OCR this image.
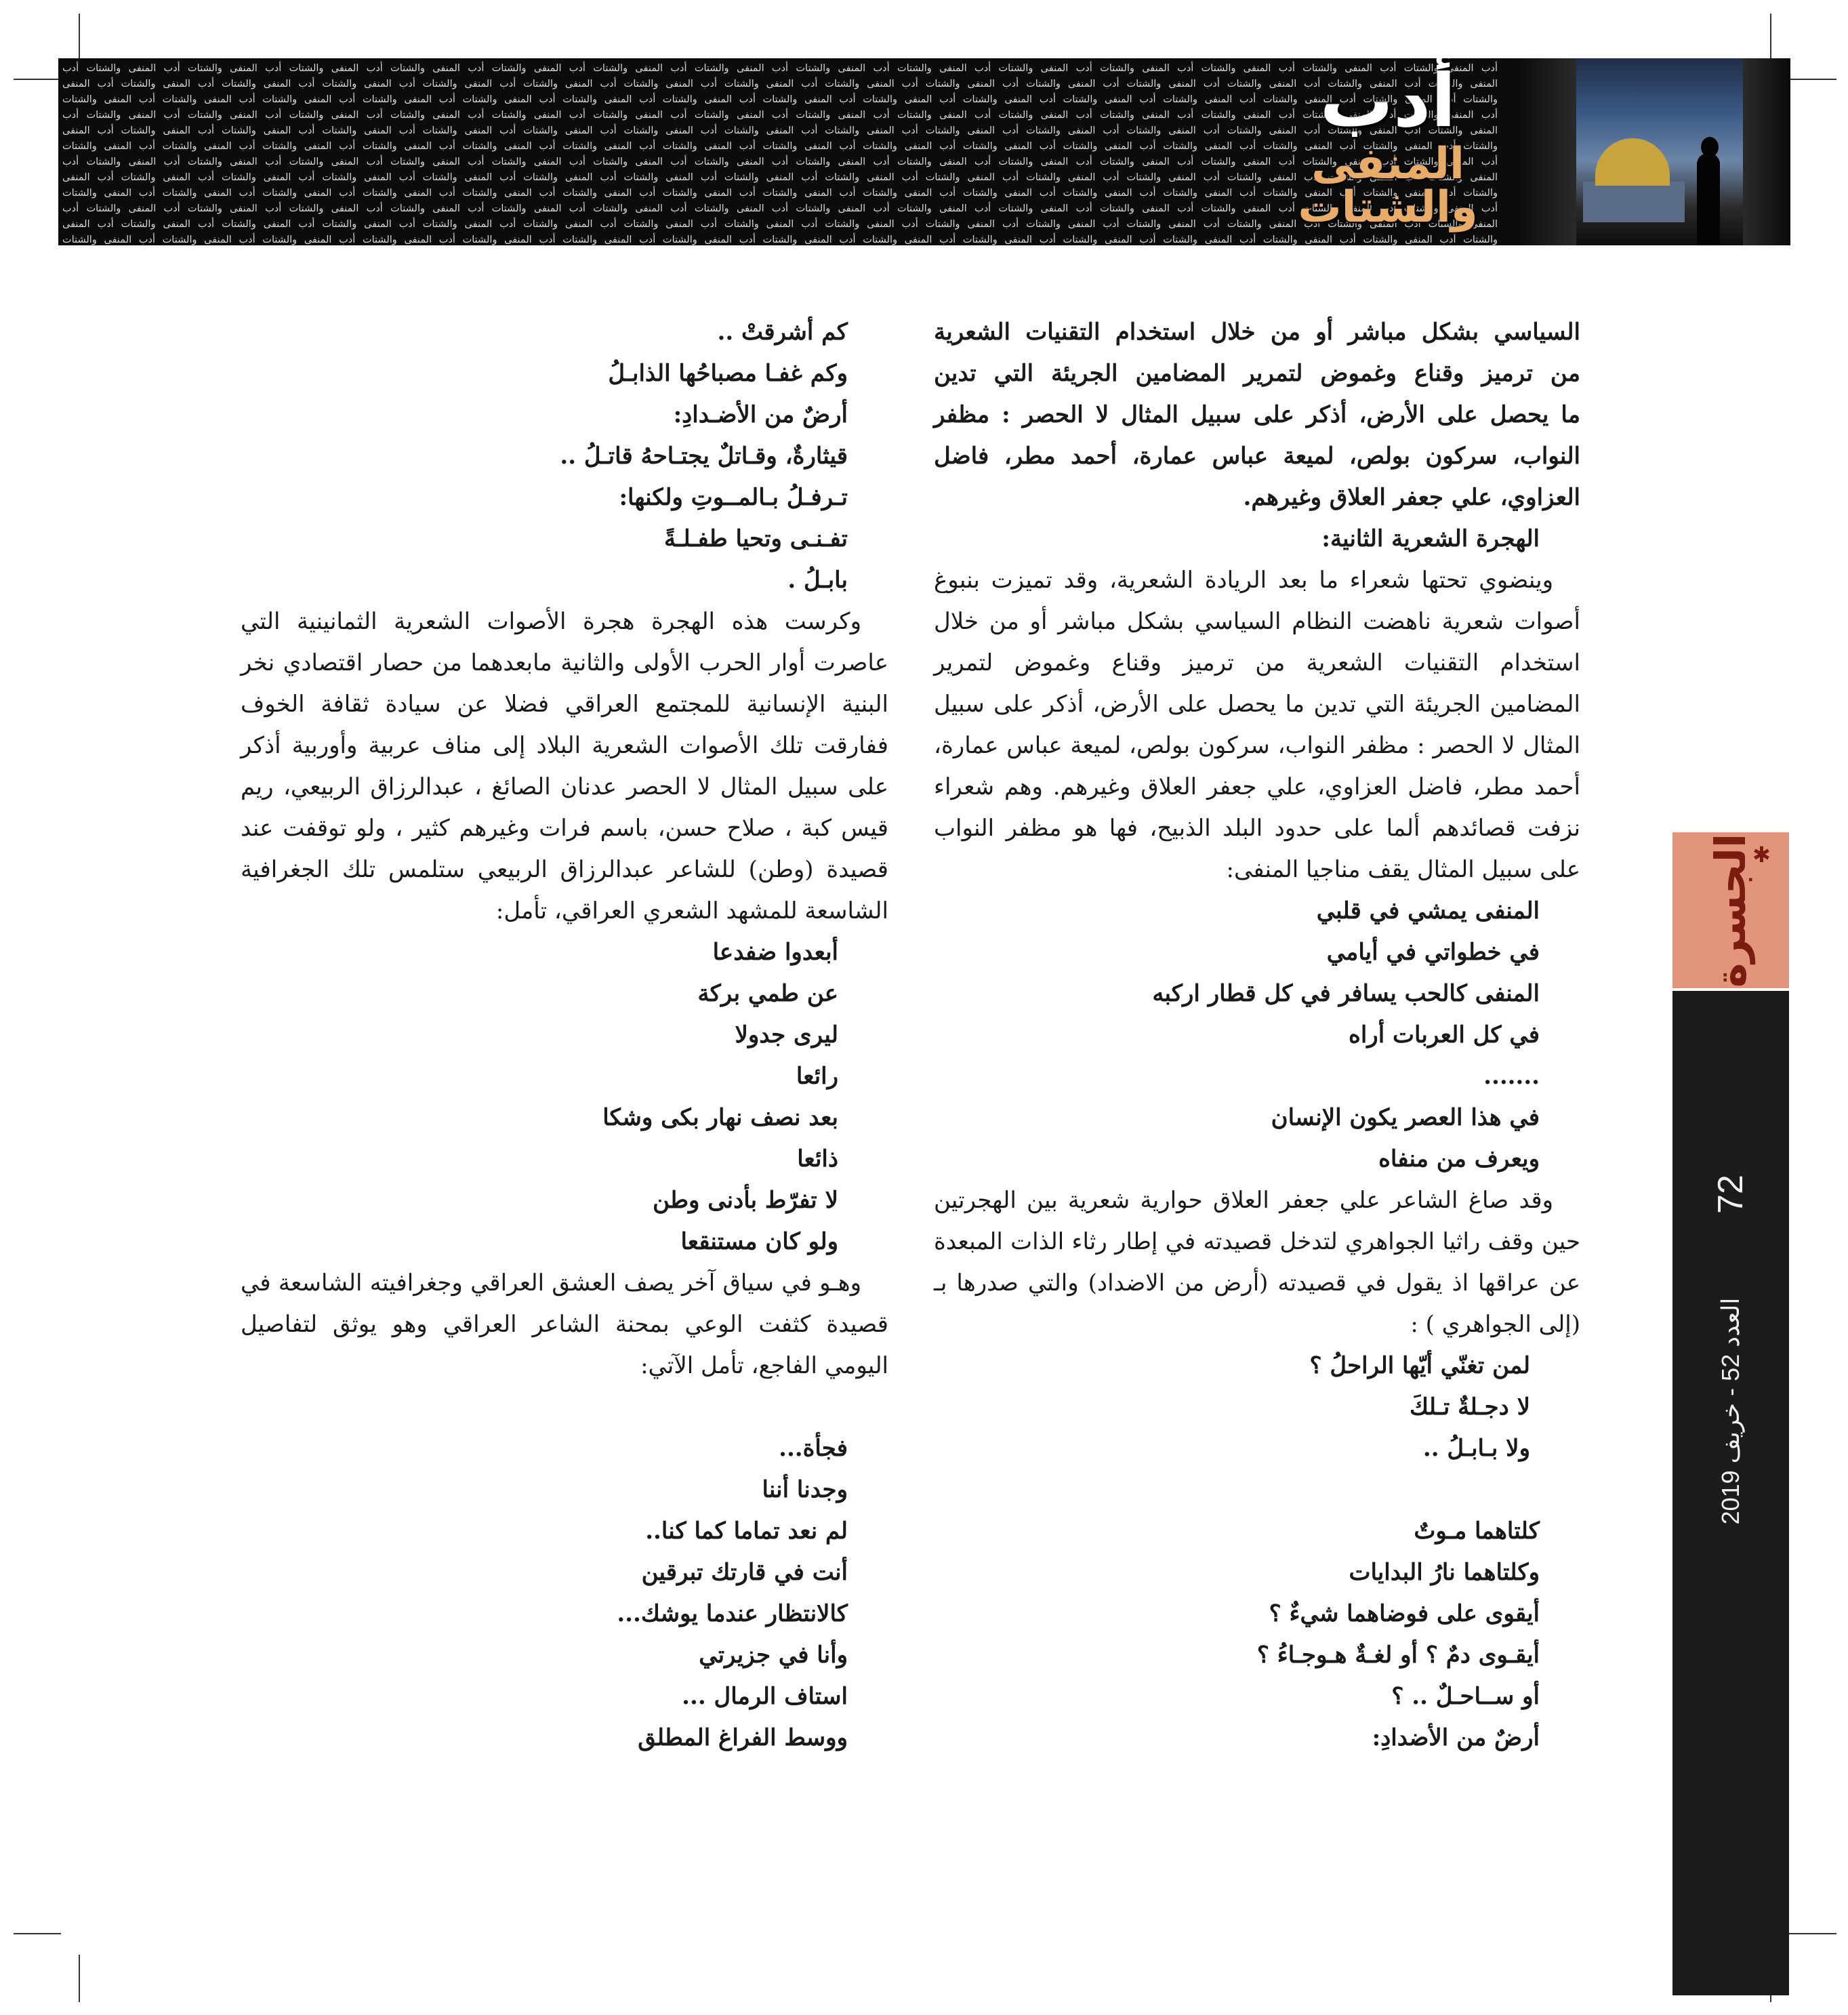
أدب المنفى والشتات أدب المنفى والشتات أدب المنفى والشتات أدب المنفى والشتات أدب المنفى والشتات أدب المنفى والشتات أدب المنفى والشتات أدب المنفى والشتات أدب المنفى والشتات أدب المنفى والشتات أدب المنفى والشتات أدب المنفى والشتات أدب المنفى والشتات أدب المنفى والشتات أدب المنفى والشتات أدب المنفى والشتات أدب المنفى والشتات أدب المنفى والشتات أدب المنفى والشتات أدب المنفى والشتات أدب المنفى والشتات أدب المنفى والشتات أدب المنفى والشتات أدب المنفى والشتات أدب المنفى والشتات أدب المنفى والشتات أدب المنفى والشتات أدب المنفى والشتات أدب المنفى والشتات أدب المنفى والشتات أدب المنفى والشتات أدب المنفى والشتات أدب المنفى والشتات أدب المنفى والشتات أدب المنفى والشتات أدب المنفى والشتات أدب المنفى والشتات أدب المنفى والشتات أدب المنفى والشتات أدب المنفى والشتات أدب المنفى والشتات أدب المنفى والشتات أدب المنفى والشتات أدب المنفى والشتات أدب المنفى والشتات أدب المنفى والشتات أدب المنفى والشتات أدب المنفى والشتات أدب المنفى والشتات أدب المنفى والشتات أدب المنفى والشتات أدب المنفى والشتات أدب المنفى والشتات أدب المنفى والشتات أدب المنفى والشتات أدب المنفى والشتات أدب المنفى والشتات أدب المنفى والشتات أدب المنفى والشتات أدب المنفى والشتات أدب المنفى والشتات أدب المنفى والشتات أدب المنفى والشتات أدب المنفى والشتات أدب المنفى والشتات أدب المنفى والشتات أدب المنفى والشتات أدب المنفى والشتات أدب المنفى والشتات أدب المنفى والشتات أدب المنفى والشتات أدب المنفى والشتات أدب المنفى والشتات أدب المنفى والشتات أدب المنفى والشتات أدب المنفى والشتات أدب المنفى والشتات أدب المنفى والشتات أدب المنفى والشتات أدب المنفى والشتات أدب المنفى والشتات أدب المنفى والشتات أدب المنفى والشتات أدب المنفى والشتات أدب المنفى والشتات أدب المنفى والشتات أدب المنفى والشتات أدب المنفى والشتات أدب المنفى والشتات أدب المنفى والشتات أدب المنفى والشتات أدب المنفى والشتات أدب المنفى والشتات أدب المنفى والشتات أدب المنفى والشتات أدب المنفى والشتات أدب المنفى والشتات أدب المنفى والشتات أدب المنفى والشتات أدب المنفى والشتات أدب المنفى والشتات أدب المنفى والشتات أدب المنفى والشتات أدب المنفى والشتات أدب المنفى والشتات أدب المنفى والشتات أدب المنفى والشتات أدب المنفى والشتات أدب المنفى والشتات أدب المنفى والشتات أدب المنفى والشتات أدب المنفى والشتات أدب المنفى والشتات أدب المنفى والشتات أدب المنفى والشتات أدب المنفى والشتات أدب المنفى والشتات أدب المنفى والشتات أدب المنفى والشتات أدب المنفى والشتات أدب المنفى والشتات أدب المنفى والشتات أدب المنفى والشتات أدب المنفى والشتات أدب المنفى والشتات أدب المنفى والشتات أدب المنفى والشتات أدب المنفى والشتات أدب المنفى والشتات أدب المنفى والشتات أدب المنفى والشتات أدب المنفى والشتات أدب المنفى والشتات أدب المنفى والشتات أدب المنفى والشتات أدب المنفى والشتات أدب المنفى والشتات أدب المنفى والشتات أدب المنفى والشتات أدب المنفى والشتات أدب المنفى والشتات أدب المنفى والشتات أدب المنفى والشتات أدب المنفى والشتات أدب المنفى والشتات أدب المنفى والشتات أدب المنفى والشتات أدب المنفى والشتات أدب المنفى والشتات أدب المنفى والشتات أدب المنفى والشتات أدب المنفى والشتات أدب المنفى والشتات أدب المنفى والشتات أدب المنفى والشتات أدب المنفى والشتات أدب المنفى والشتات أدب المنفى والشتات أدب المنفى والشتات أدب المنفى والشتات أدب المنفى والشتات أدب المنفى والشتات أدب المنفى والشتات أدب المنفى والشتات أدب المنفى والشتات أدب المنفى والشتات أدب المنفى والشتات أدب المنفى والشتات أدب المنفى والشتات أدب المنفى والشتات أدب المنفى والشتات أدب المنفى والشتات
أدب
المنفى والشتات

السياسي بشكل مباشر أو من خلال استخدام التقنيات الشعرية

من ترميز وقناع وغموض لتمرير المضامين الجريئة التي تدين

ما يحصل على الأرض، أذكر على سبيل المثال لا الحصر : مظفر

النواب، سركون بولص، لميعة عباس عمارة، أحمد مطر، فاضل

العزاوي، علي جعفر العلاق وغيرهم.

الهجرة الشعرية الثانية:

وينضوي تحتها شعراء ما بعد الريادة الشعرية، وقد تميزت بنبوغ أصوات شعرية ناهضت النظام السياسي بشكل مباشر أو من خلال استخدام التقنيات الشعرية من ترميز وقناع وغموض لتمرير المضامين الجريئة التي تدين ما يحصل على الأرض، أذكر على سبيل المثال لا الحصر : مظفر النواب، سركون بولص، لميعة عباس عمارة، أحمد مطر، فاضل العزاوي، علي جعفر العلاق وغيرهم. وهم شعراء نزفت قصائدهم ألما على حدود البلد الذبيح، فها هو مظفر النواب على سبيل المثال يقف مناجيا المنفى:

المنفى يمشي في قلبي

في خطواتي في أيامي

المنفى كالحب يسافر في كل قطار اركبه

في كل العربات أراه

.......

في هذا العصر يكون الإنسان

ويعرف من منفاه

وقد صاغ الشاعر علي جعفر العلاق حوارية شعرية بين الهجرتين حين وقف راثيا الجواهري لتدخل قصيدته في إطار رثاء الذات المبعدة عن عراقها اذ يقول في قصيدته (أرض من الاضداد) والتي صدرها بـ (إلى الجواهري ) :

لمن تغنّي أيّها الراحلُ ؟

لا دجـلةٌ تـلكَ

ولا بـابـلُ ..

كلتاهما مـوتٌ

وكلتاهما نارُ البدايات

أيقوى على فوضاهما شيءٌ ؟

أيقـوى دمٌ ؟ أو لغـةٌ هـوجـاءُ ؟

أو ســاحـلٌ .. ؟

أرضٌ من الأضدادِ:

كم أشرقتْ ..

وكم غفـا مصباحُها الذابـلُ

أرضٌ من الأضـدادِ:

قيثارةٌ، وقـاتلٌ يجتـاحهُ قاتـلُ ..

تـرفـلُ بـالمــوتِ ولكنها:

تفـنـى وتحيا طفـلـةً

بابـلُ .

وكرست هذه الهجرة هجرة الأصوات الشعرية الثمانينية التي عاصرت أوار الحرب الأولى والثانية مابعدهما من حصار اقتصادي نخر البنية الإنسانية للمجتمع العراقي فضلا عن سيادة ثقافة الخوف ففارقت تلك الأصوات الشعرية البلاد إلى مناف عربية وأوربية أذكر على سبيل المثال لا الحصر عدنان الصائغ ، عبدالرزاق الربيعي، ريم قيس كبة ، صلاح حسن، باسم فرات وغيرهم كثير ، ولو توقفت عند قصيدة (وطن) للشاعر عبدالرزاق الربيعي ستلمس تلك الجغرافية الشاسعة للمشهد الشعري العراقي، تأمل:

أبعدوا ضفدعا

عن طمي بركة

ليرى جدولا

رائعا

بعد نصف نهار بكى وشكا

ذائعا

لا تفرّط بأدنى وطن

ولو كان مستنقعا

وهـو في سياق آخر يصف العشق العراقي وجغرافيته الشاسعة في قصيدة كثفت الوعي بمحنة الشاعر العراقي وهو يوثق لتفاصيل اليومي الفاجع، تأمل الآتي:

فجأة...

وجدنا أننا

لم نعد تماما كما كنا..

أنت في قارتك تبرقين

كالانتظار عندما يوشك...

وأنا في جزيرتي

استاف الرمال ...

ووسط الفراغ المطلق

الجسرة
✱
72
العدد 52 - خريف 2019
